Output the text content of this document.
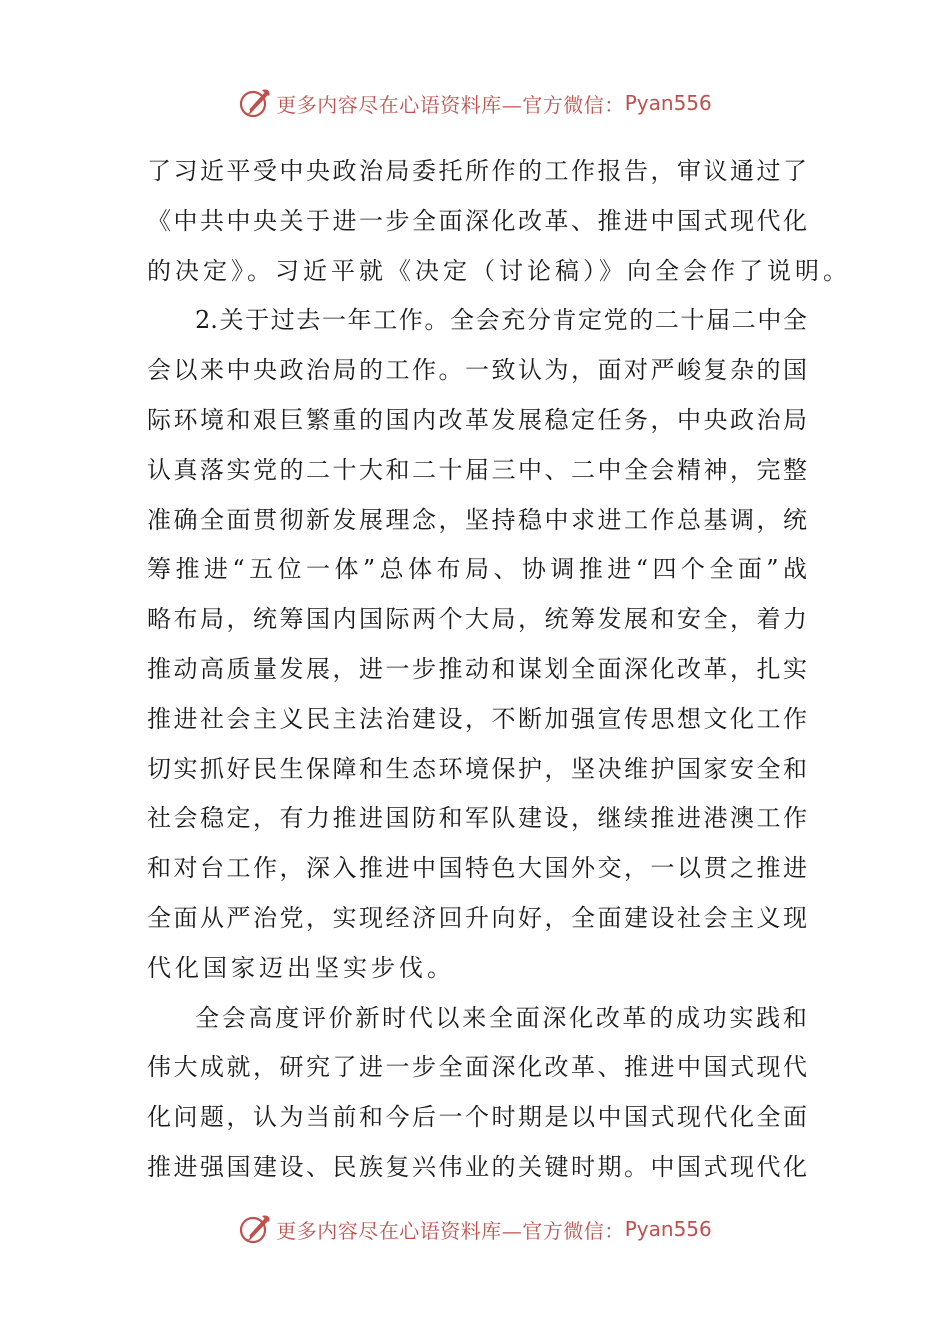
更多内容尽在心语资料库—官方微信： Pyan556
了 习 近 平 受 中 央 政 治 局 委 托 所 作 的 工 作 报 告 ， 审 议 通 过 了
《 中 共 中 央 关 于 进 一 步 全 面 深 化 改 革 、 推 进 中 国 式 现 代 化
的决定》。习近平就《决定（讨论稿）》向全会作了说明。
2. 关 于 过 去 一 年 工 作 。 全 会 充 分 肯 定 党 的 二 十 届 二 中 全
会 以 来 中 央 政 治 局 的 工 作 。 一 致 认 为 ， 面 对 严 峻 复 杂 的 国
际 环 境 和 艰 巨 繁 重 的 国 内 改 革 发 展 稳 定 任 务 ， 中 央 政 治 局
认 真 落 实 党 的 二 十 大 和 二 十 届 三 中 、 二 中 全 会 精 神 ， 完 整
准 确 全 面 贯 彻 新 发 展 理 念 ， 坚 持 稳 中 求 进 工 作 总 基 调 ， 统
筹 推 进 “ 五 位 一 体 ” 总 体 布 局 、 协 调 推 进 “ 四 个 全 面 ” 战
略 布 局 ， 统 筹 国 内 国 际 两 个 大 局 ， 统 筹 发 展 和 安 全 ， 着 力
推 动 高 质 量 发 展 ， 进 一 步 推 动 和 谋 划 全 面 深 化 改 革 ， 扎 实
推 进 社 会 主 义 民 主 法 治 建 设 ， 不 断 加 强 宣 传 思 想 文 化 工 作
切 实 抓 好 民 生 保 障 和 生 态 环 境 保 护 ， 坚 决 维 护 国 家 安 全 和
社 会 稳 定 ， 有 力 推 进 国 防 和 军 队 建 设 ， 继 续 推 进 港 澳 工 作
和 对 台 工 作 ， 深 入 推 进 中 国 特 色 大 国 外 交 ， 一 以 贯 之 推 进
全 面 从 严 治 党 ， 实 现 经 济 回 升 向 好 ， 全 面 建 设 社 会 主 义 现
代化国家迈出坚实步伐。
全 会 高 度 评 价 新 时 代 以 来 全 面 深 化 改 革 的 成 功 实 践 和
伟 大 成 就 ， 研 究 了 进 一 步 全 面 深 化 改 革 、 推 进 中 国 式 现 代
化 问 题 ， 认 为 当 前 和 今 后 一 个 时 期 是 以 中 国 式 现 代 化 全 面
推 进 强 国 建 设 、 民 族 复 兴 伟 业 的 关 键 时 期 。 中 国 式 现 代 化
更多内容尽在心语资料库—官方微信： Pyan556
